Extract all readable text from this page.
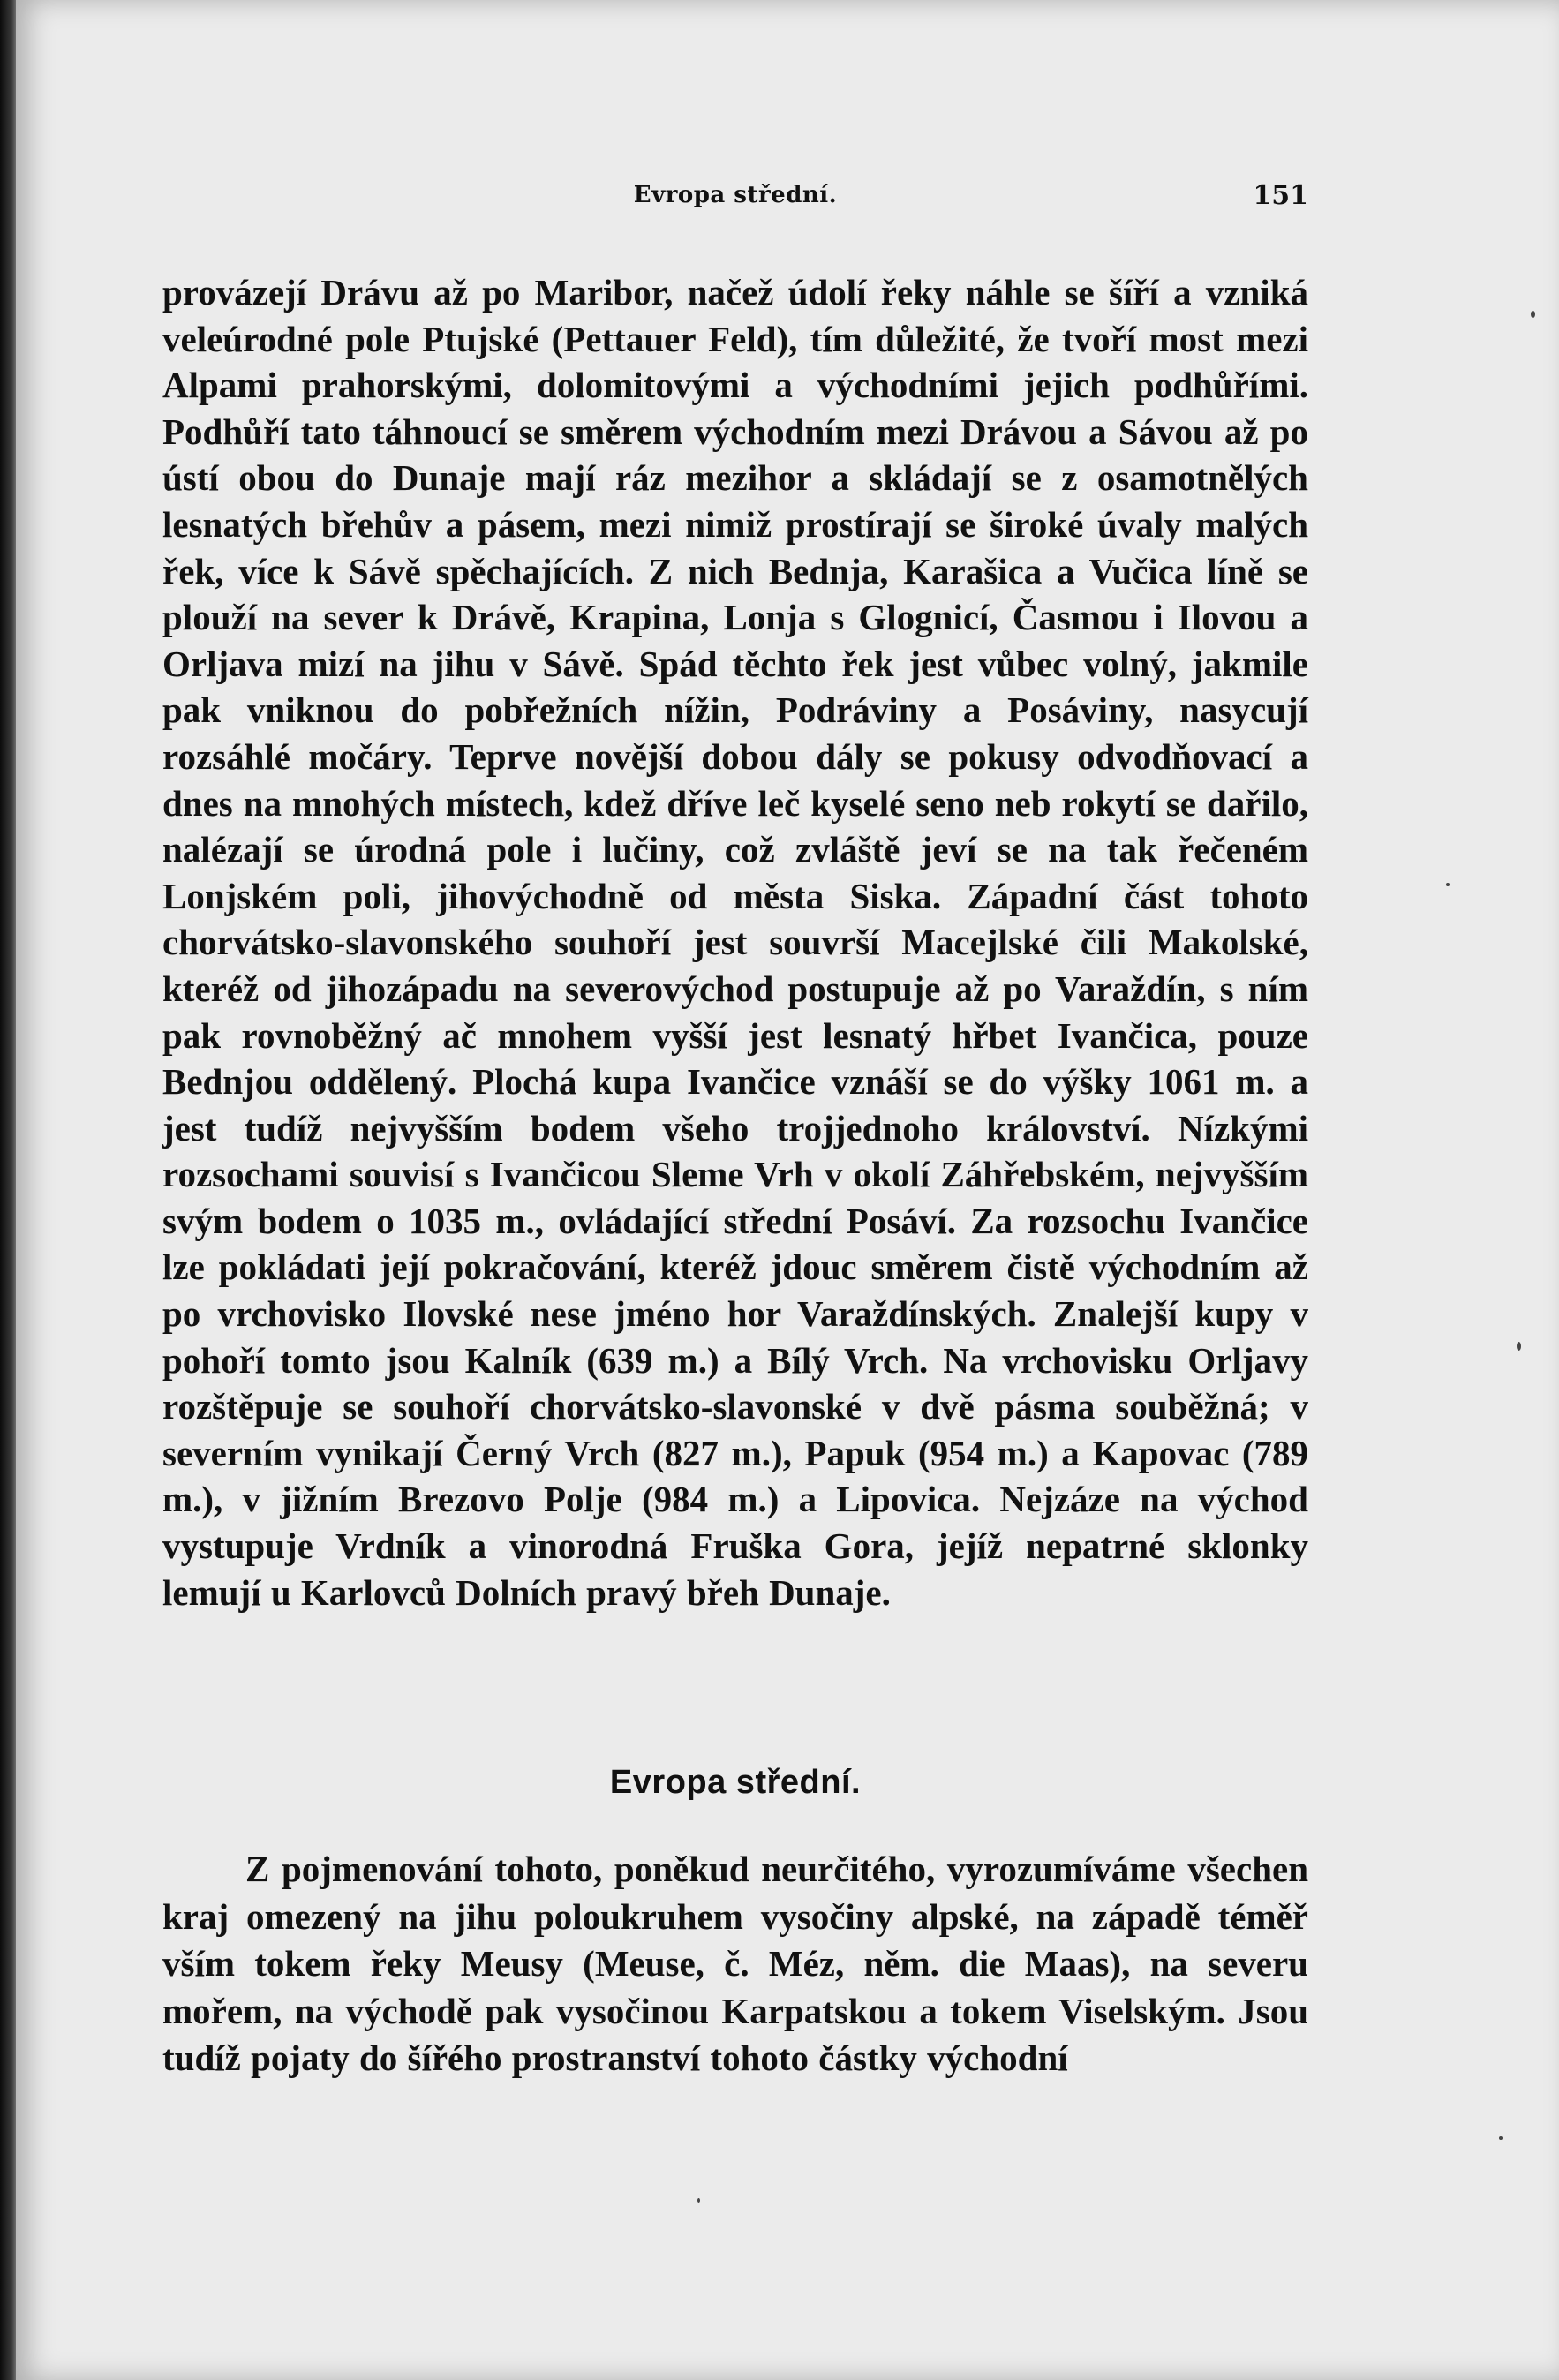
Evropa střední.	151

provázejí Drávu až po Maribor, načež údolí řeky náhle se šíří a vzniká veleúrodné pole Ptujské (Pettauer Feld), tím důležité, že tvoří most mezi Alpami prahorskými, dolomitovými a východními jejich podhůřími. Podhůří tato táhnoucí se směrem východním mezi Drávou a Sávou až po ústí obou do Dunaje mají ráz mezihor a skládají se z osamotnělých lesnatých břehův a pásem, mezi nimiž prostírají se široké úvaly malých řek, více k Sávě spěchajících. Z nich Bednja, Karašica a Vučica líně se plouží na sever k Drávě, Krapina, Lonja s Glognicí, Časmou i Ilovou a Orljava mizí na jihu v Sávě. Spád těchto řek jest vůbec volný, jakmile pak vniknou do pobřežních nížin, Podráviny a Posáviny, nasycují rozsáhlé močáry. Teprve novější dobou dály se pokusy odvodňovací a dnes na mnohých místech, kdež dříve leč kyselé seno neb rokytí se dařilo, nalézají se úrodná pole i lučiny, což zvláště jeví se na tak řečeném Lonjském poli, jihovýchodně od města Siska. Západní část tohoto chorvátsko-slavonského souhoří jest souvrší Macejlské čili Makolské, kteréž od jihozápadu na severovýchod postupuje až po Varaždín, s ním pak rovnoběžný ač mnohem vyšší jest lesnatý hřbet Ivančica, pouze Bednjou oddělený. Plochá kupa Ivančice vznáší se do výšky 1061 m. a jest tudíž nejvyšším bodem všeho trojjednoho království. Nízkými rozsochami souvisí s Ivančicou Sleme Vrh v okolí Záhřebském, nejvyšším svým bodem o 1035 m., ovládající střední Posáví. Za rozsochu Ivančice lze pokládati její pokračování, kteréž jdouc směrem čistě východním až po vrchovisko Ilovské nese jméno hor Varaždínských. Znalejší kupy v pohoří tomto jsou Kalník (639 m.) a Bílý Vrch. Na vrchovisku Orljavy rozštěpuje se souhoří chorvátsko-slavonské v dvě pásma souběžná; v severním vynikají Černý Vrch (827 m.), Papuk (954 m.) a Kapovac (789 m.), v jižním Brezovo Polje (984 m.) a Lipovica. Nejzáze na východ vystupuje Vrdník a vinorodná Fruška Gora, jejíž nepatrné sklonky lemují u Karlovců Dolních pravý břeh Dunaje.

Evropa střední.

Z pojmenování tohoto, poněkud neurčitého, vyrozumíváme všechen kraj omezený na jihu poloukruhem vysočiny alpské, na západě téměř vším tokem řeky Meusy (Meuse, č. Méz, něm. die Maas), na severu mořem, na východě pak vysočinou Karpatskou a tokem Viselským. Jsou tudíž pojaty do šířého prostranství tohoto částky východní
